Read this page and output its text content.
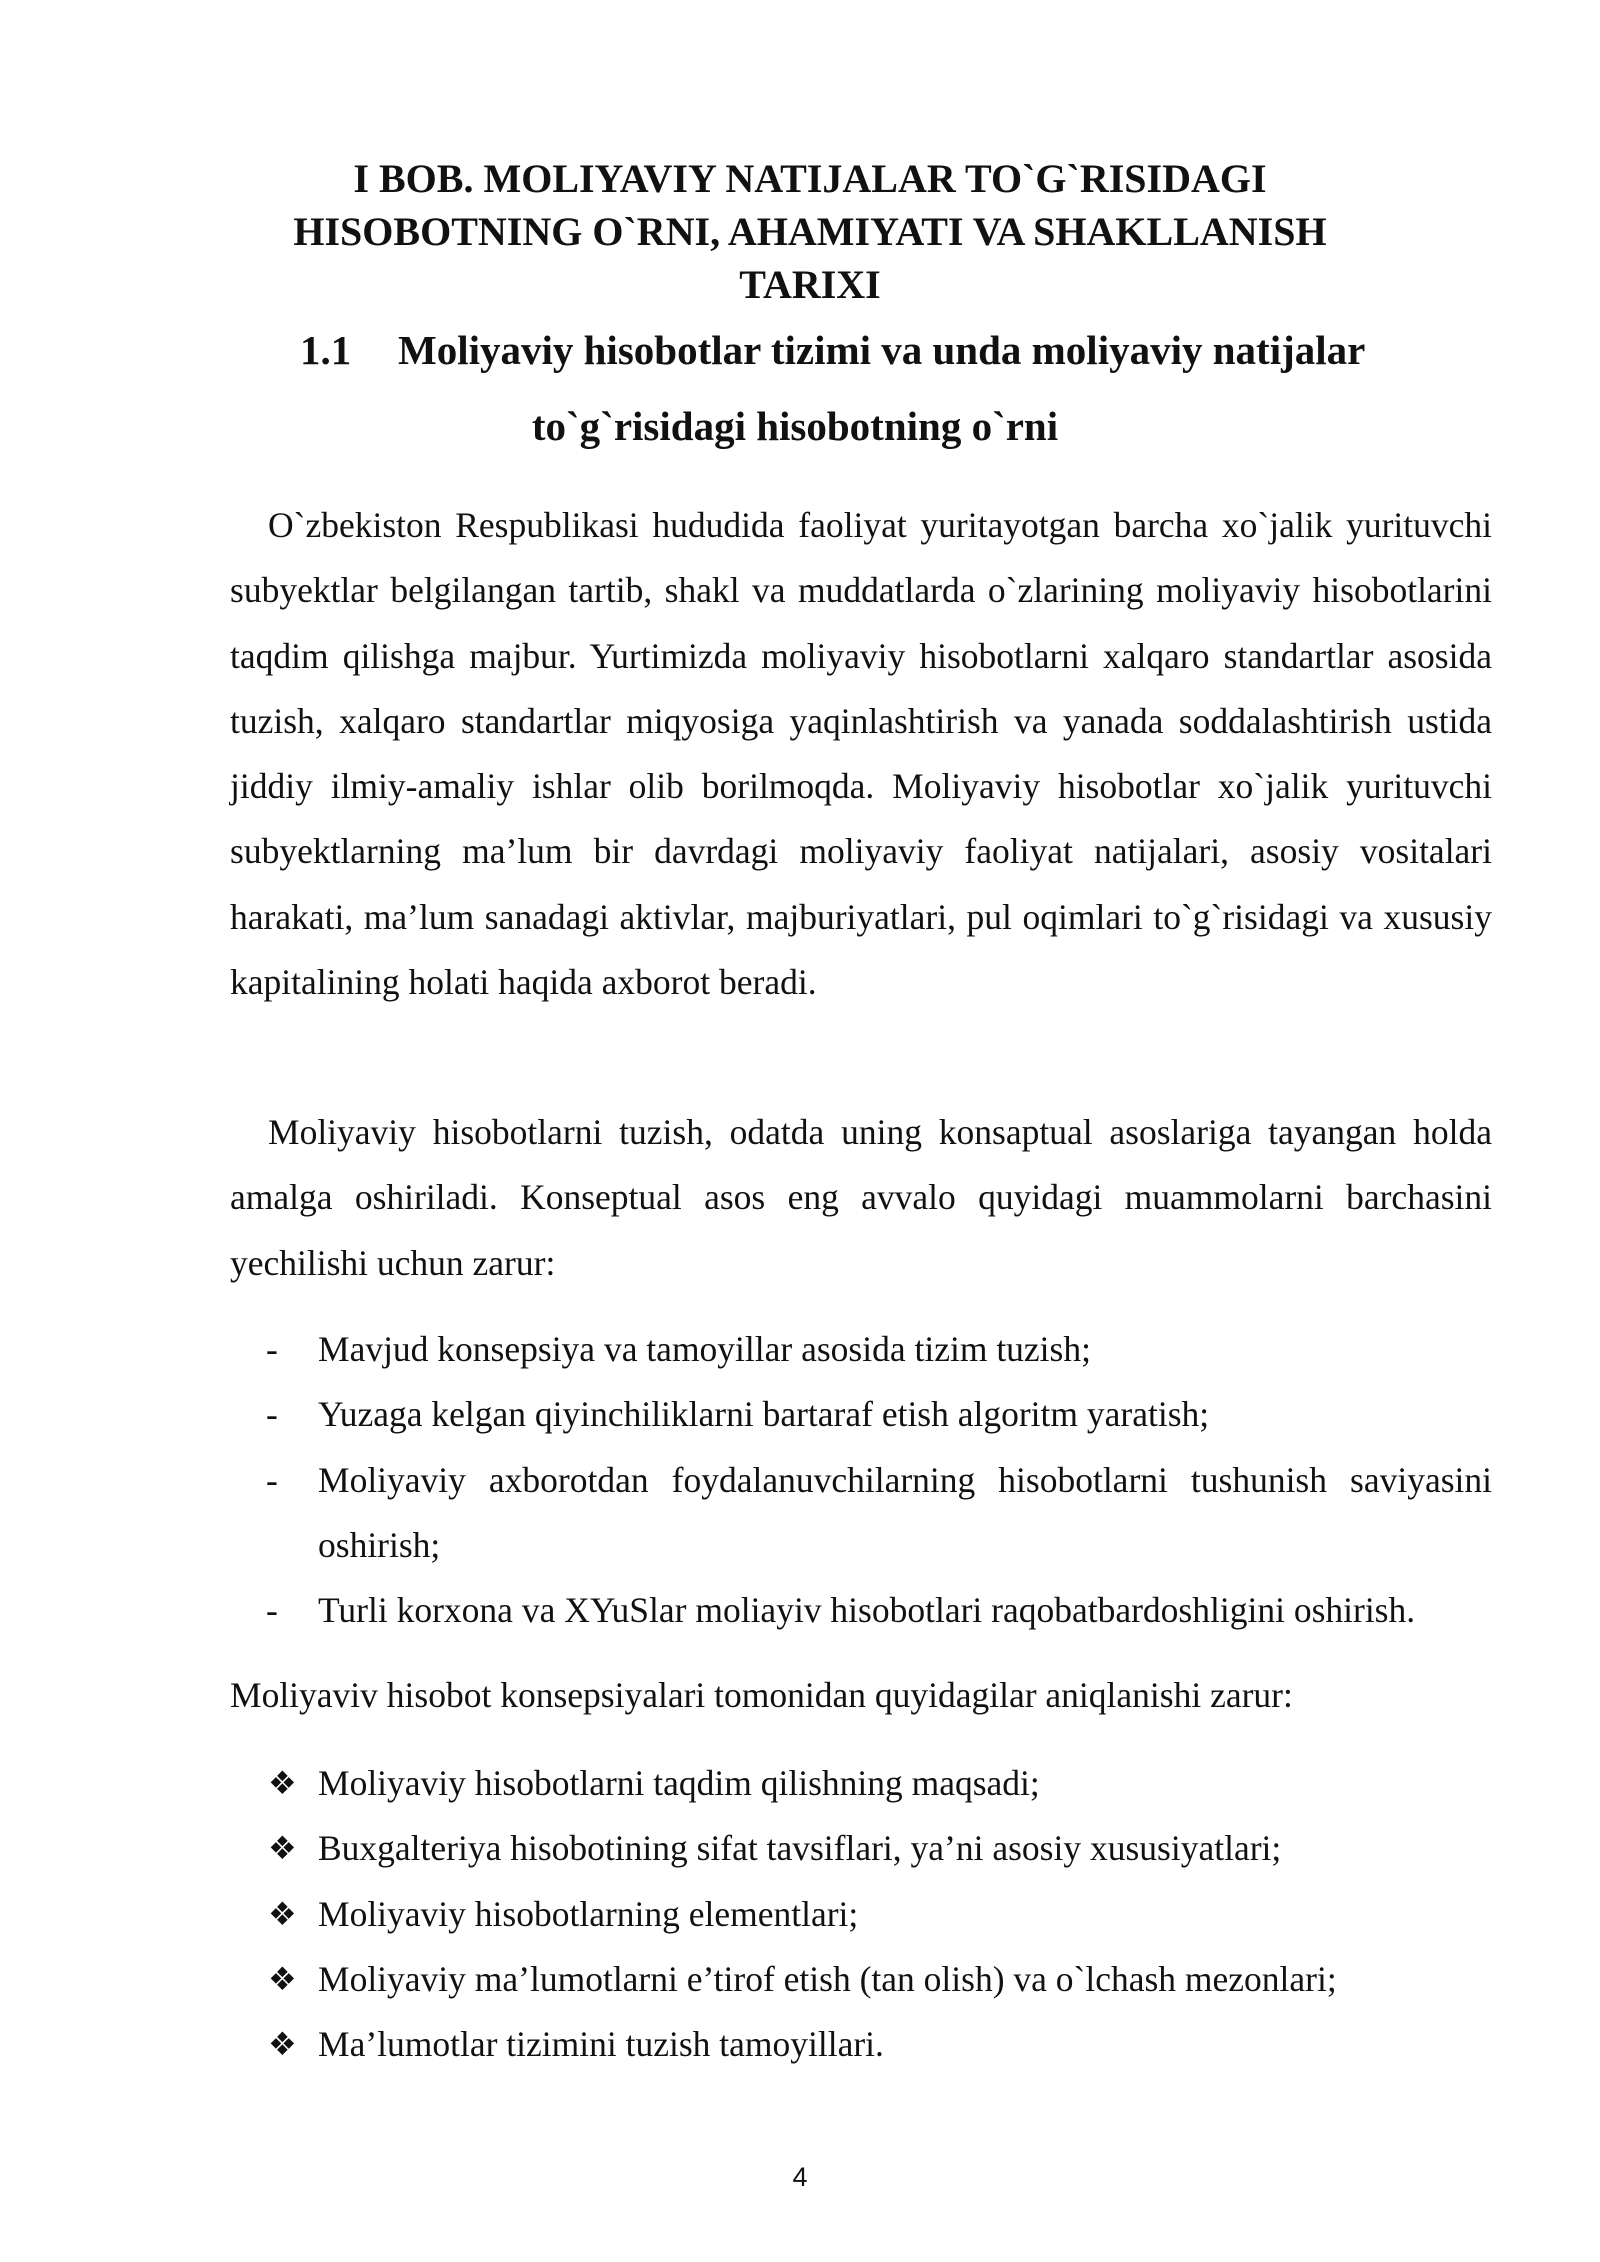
I BOB. MOLIYAVIY NATIJALAR TO`G`RISIDAGI HISOBOTNING O`RNI, AHAMIYATI VA SHAKLLANISH TARIXI
1.1 Moliyaviy hisobotlar tizimi va unda moliyaviy natijalar
to`g`risidagi hisobotning o`rni

O`zbekiston Respublikasi hududida faoliyat yuritayotgan barcha xo`jalik yurituvchi subyektlar belgilangan tartib, shakl va muddatlarda o`zlarining moliyaviy hisobotlarini taqdim qilishga majbur. Yurtimizda moliyaviy hisobotlarni xalqaro standartlar asosida tuzish, xalqaro standartlar miqyosiga yaqinlashtirish va yanada soddalashtirish ustida jiddiy ilmiy-amaliy ishlar olib borilmoqda. Moliyaviy hisobotlar xo`jalik yurituvchi subyektlarning ma’lum bir davrdagi moliyaviy faoliyat natijalari, asosiy vositalari harakati, ma’lum sanadagi aktivlar, majburiyatlari, pul oqimlari to`g`risidagi va xususiy kapitalining holati haqida axborot beradi.

Moliyaviy hisobotlarni tuzish, odatda uning konsaptual asoslariga tayangan holda amalga oshiriladi. Konseptual asos eng avvalo quyidagi muammolarni barchasini yechilishi uchun zarur:

- Mavjud konsepsiya va tamoyillar asosida tizim tuzish;
- Yuzaga kelgan qiyinchiliklarni bartaraf etish algoritm yaratish;
- Moliyaviy axborotdan foydalanuvchilarning hisobotlarni tushunish saviyasini oshirish;
- Turli korxona va XYuSlar moliayiv hisobotlari raqobatbardoshligini oshirish.

Moliyaviv hisobot konsepsiyalari tomonidan quyidagilar aniqlanishi zarur:

❖ Moliyaviy hisobotlarni taqdim qilishning maqsadi;
❖ Buxgalteriya hisobotining sifat tavsiflari, ya’ni asosiy xususiyatlari;
❖ Moliyaviy hisobotlarning elementlari;
❖ Moliyaviy ma’lumotlarni e’tirof etish (tan olish) va o`lchash mezonlari;
❖ Ma’lumotlar tizimini tuzish tamoyillari.
4
